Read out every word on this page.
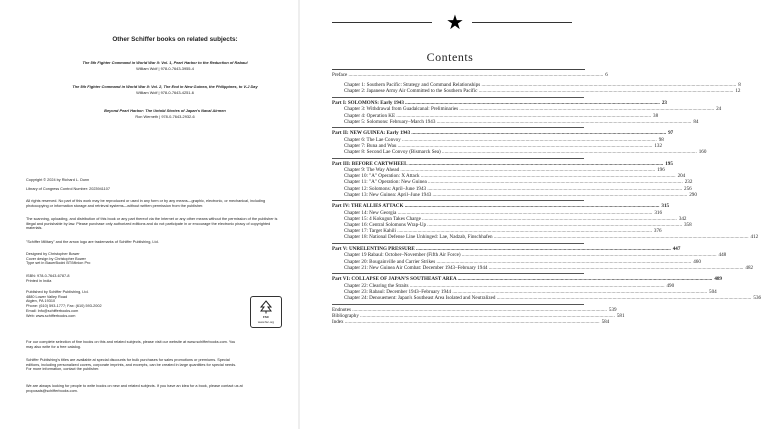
Other Schiffer books on related subjects:
The 5th Fighter Command in World War II: Vol. 1, Pearl Harbor to the Reduction of Rabaul
William Wolf | 978-0-7643-3955-4
The 5th Fighter Command in World War II: Vol. 2, The End in New Guinea, the Philippines, to V-J Day
William Wolf | 978-0-7643-4251-6
Beyond Pearl Harbor: The Untold Stories of Japan's Naval Airmen
Ron Werneth | 978-0-7643-2932-6
Copyright © 2024 by Richard L. Dunn
Library of Congress Control Number: 2023941107
All rights reserved. No part of this work may be reproduced or used in any form or by any means—graphic, electronic, or mechanical, including photocopying or information storage and retrieval systems—without written permission from the publisher.
The scanning, uploading, and distribution of this book or any part thereof via the Internet or any other means without the permission of the publisher is illegal and punishable by law. Please purchase only authorized editions and do not participate in or encourage the electronic piracy of copyrighted materials.
"Schiffer Military" and the arrow logo are trademarks of Schiffer Publishing, Ltd.
Designed by Christopher Bower
Cover design by Christopher Bower
Type set in BauerBodni BT/Minion Pro
ISBN: 978-0-7643-6787-8
Printed in India
Published by Schiffer Publishing, Ltd.
4880 Lower Valley Road
Atglen, PA 19310
Phone: (610) 593-1777; Fax: (610) 593-2002
Email: Info@schifferbooks.com
Web: www.schifferbooks.com
For our complete selection of fine books on this and related subjects, please visit our website at www.schifferbooks.com. You may also write for a free catalog.
Schiffer Publishing's titles are available at special discounts for bulk purchases for sales promotions or premiums. Special editions, including personalized covers, corporate imprints, and excerpts, can be created in large quantities for special needs. For more information, contact the publisher.
We are always looking for people to write books on new and related subjects. If you have an idea for a book, please contact us at proposals@schifferbooks.com.
FSC
www.fsc.org
★
Contents
Preface ........................................................................................................................................................................................................ 6
Chapter 1: Southern Pacific: Strategy and Command Relationships ........................................................................................................................................................................................................ 8
Chapter 2: Japanese Army Air Committed to the Southern Pacific ........................................................................................................................................................................................................ 12
Part I: SOLOMONS: Early 1943 ........................................................................................................................................................................................................ 23
Chapter 3: Withdrawal from Guadalcanal: Preliminaries ........................................................................................................................................................................................................ 24
Chapter 4: Operation KE ........................................................................................................................................................................................................ 38
Chapter 5: Solomons: February–March 1943 ........................................................................................................................................................................................................ 84
Part II: NEW GUINEA: Early 1943 ........................................................................................................................................................................................................ 97
Chapter 6: The Lae Convoy ........................................................................................................................................................................................................ 98
Chapter 7: Buna and Wau ........................................................................................................................................................................................................ 132
Chapter 8: Second Lae Convoy (Bismarck Sea) ........................................................................................................................................................................................................ 160
Part III: BEFORE CARTWHEEL ........................................................................................................................................................................................................ 195
Chapter 9: The Way Ahead ........................................................................................................................................................................................................ 196
Chapter 10: "A" Operation: X Attack ........................................................................................................................................................................................................ 204
Chapter 11: "A" Operation: New Guinea ........................................................................................................................................................................................................ 232
Chapter 12: Solomons: April–June 1943 ........................................................................................................................................................................................................ 256
Chapter 13: New Guinea: April–June 1943 ........................................................................................................................................................................................................ 290
Part IV: THE ALLIES ATTACK ........................................................................................................................................................................................................ 315
Chapter 14: New Georgia ........................................................................................................................................................................................................ 316
Chapter 15: 4 Kokugun Takes Charge ........................................................................................................................................................................................................ 342
Chapter 16: Central Solomons Wrap-Up ........................................................................................................................................................................................................ 358
Chapter 17: Target Kahili ........................................................................................................................................................................................................ 376
Chapter 18: National Defense Line Unhinged: Lae, Nadzab, Finschhafen ........................................................................................................................................................................................................ 412
Part V: UNRELENTING PRESSURE ........................................................................................................................................................................................................ 447
Chapter 19 Rabaul: October–November (Fifth Air Force) ........................................................................................................................................................................................................ 448
Chapter 20: Bougainville and Carrier Strikes ........................................................................................................................................................................................................ 460
Chapter 21: New Guinea Air Combat: December 1943–February 1944 ........................................................................................................................................................................................................ 482
Part VI: COLLAPSE OF JAPAN'S SOUTHEAST AREA ........................................................................................................................................................................................................ 489
Chapter 22: Clearing the Straits ........................................................................................................................................................................................................ 490
Chapter 23: Rabaul: December 1943–February 1944 ........................................................................................................................................................................................................ 504
Chapter 24: Denouement: Japan's Southeast Area Isolated and Neutralized ........................................................................................................................................................................................................ 536
Endnotes ........................................................................................................................................................................................................ 539
Bibliography ........................................................................................................................................................................................................ 581
Index ........................................................................................................................................................................................................ 584
